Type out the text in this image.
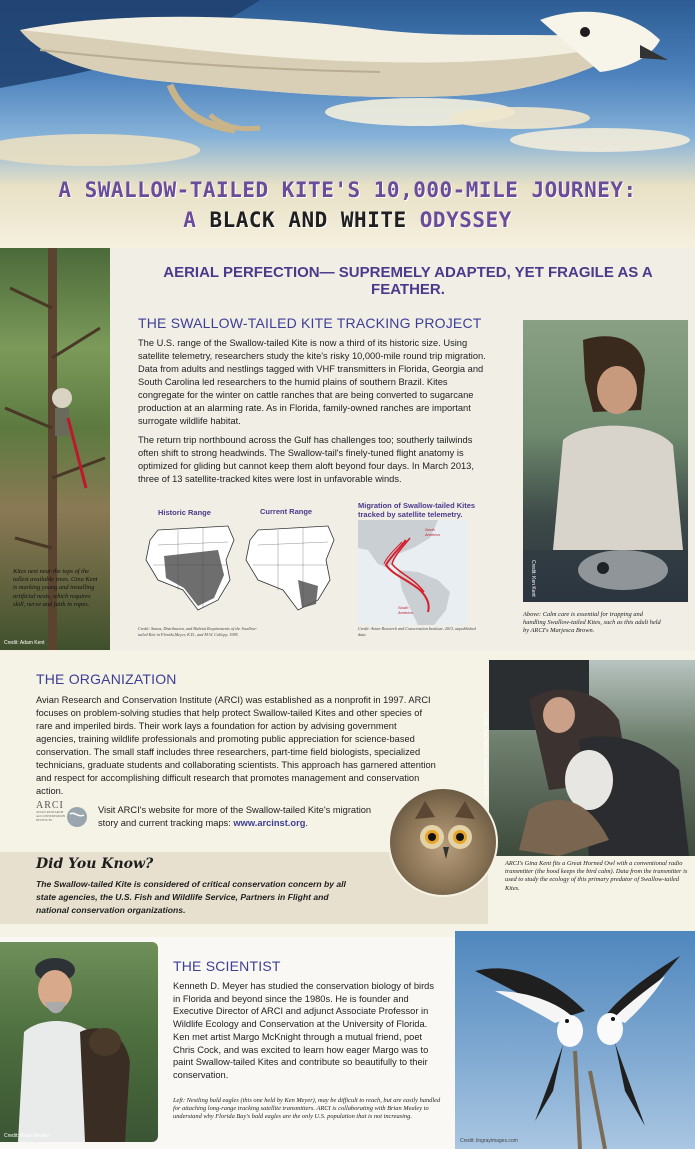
A SWALLOW-TAILED KITE'S 10,000-MILE JOURNEY:
A BLACK AND WHITE ODYSSEY
Kites nest near the tops of the tallest available trees. Gina Kent is marking young and installing artificial nests, which requires skill, nerve and faith in ropes.
Credit: Adam Kent
AERIAL PERFECTION— SUPREMELY ADAPTED, YET FRAGILE AS A FEATHER.
THE SWALLOW-TAILED KITE TRACKING PROJECT

The U.S. range of the Swallow-tailed Kite is now a third of its historic size. Using satellite telemetry, researchers study the kite's risky 10,000-mile round trip migration. Data from adults and nestlings tagged with VHF transmitters in Florida, Georgia and South Carolina led researchers to the humid plains of southern Brazil. Kites congregate for the winter on cattle ranches that are being converted to sugarcane production at an alarming rate. As in Florida, family-owned ranches are important surrogate wildlife habitat.

The return trip northbound across the Gulf has challenges too; southerly tailwinds often shift to strong headwinds. The Swallow-tail's finely-tuned flight anatomy is optimized for gliding but cannot keep them aloft beyond four days. In March 2013, three of 13 satellite-tracked kites were lost in unfavorable winds.

Historic Range	Current Range
Credit: Status, Distribution, and Habitat Requirements of the Swallow-tailed Kite in Florida,Meyer, K.D., and M.W. Collopy. 1995.
Migration of Swallow-tailed Kites tracked by satellite telemetry.
North America
South America
Credit: Avian Research and Conservation Institute. 2013, unpublished data.
Above: Calm care is essential for trapping and handling Swallow-tailed Kites, such as this adult held by ARCI's Marjesca Brown.
THE ORGANIZATION
Avian Research and Conservation Institute (ARCI) was established as a nonprofit in 1997. ARCI focuses on problem-solving studies that help protect Swallow-tailed Kites and other species of rare and imperiled birds. Their work lays a foundation for action by advising government agencies, training wildlife professionals and promoting public appreciation for science-based conservation. The small staff includes three researchers, part-time field biologists, specialized technicians, graduate students and collaborating scientists. This approach has garnered attention and respect for accomplishing difficult research that promotes management and conservation action.
ARCI
AVIAN RESEARCH and CONSERVATION INSTITUTE
Visit ARCI's website for more of the Swallow-tailed Kite's migration story and current tracking maps: www.arcinst.org.
Did You Know?
The Swallow-tailed Kite is considered of critical conservation concern by all state agencies, the U.S. Fish and Wildlife Service, Partners in Flight and national conservation organizations.
ARCI's Gina Kent fits a Great Horned Owl with a conventional radio transmitter (the hood keeps the bird calm). Data from the transmitter is used to study the ecology of this primary predator of Swallow-tailed Kites.
Credit: Brian Mealey
THE SCIENTIST
Kenneth D. Meyer has studied the conservation biology of birds in Florida and beyond since the 1980s. He is founder and Executive Director of ARCI and adjunct Associate Professor in Wildlife Ecology and Conservation at the University of Florida. Ken met artist Margo McKnight through a mutual friend, poet Chris Cock, and was excited to learn how eager Margo was to paint Swallow-tailed Kites and contribute so beautifully to their conservation.
Left: Nestling bald eagles (this one held by Ken Meyer), may be difficult to reach, but are easily handled for attaching long-range tracking satellite transmitters. ARCI is collaborating with Brian Mealey to understand why Florida Bay's bald eagles are the only U.S. population that is not increasing.
Credit: lingrayimages.com
